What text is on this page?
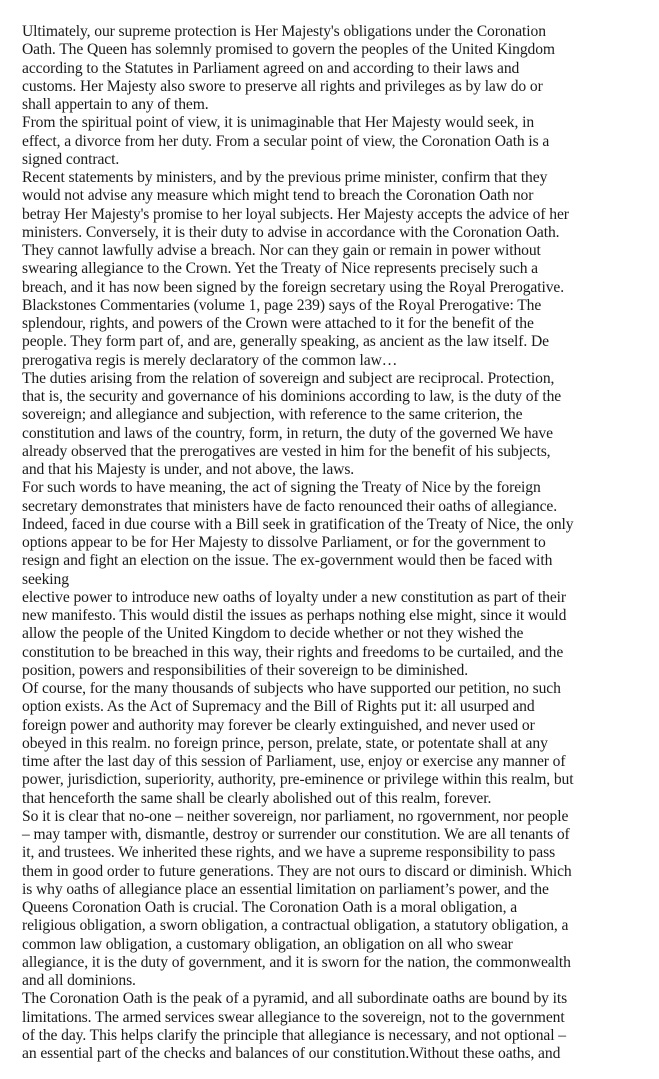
Ultimately, our supreme protection is Her Majesty's obligations under the Coronation
Oath. The Queen has solemnly promised to govern the peoples of the United Kingdom
according to the Statutes in Parliament agreed on and according to their laws and
customs. Her Majesty also swore to preserve all rights and privileges as by law do or
shall appertain to any of them.
From the spiritual point of view, it is unimaginable that Her Majesty would seek, in
effect, a divorce from her duty. From a secular point of view, the Coronation Oath is a
signed contract.
Recent statements by ministers, and by the previous prime minister, confirm that they
would not advise any measure which might tend to breach the Coronation Oath nor
betray Her Majesty's promise to her loyal subjects. Her Majesty accepts the advice of her
ministers. Conversely, it is their duty to advise in accordance with the Coronation Oath.
They cannot lawfully advise a breach. Nor can they gain or remain in power without
swearing allegiance to the Crown. Yet the Treaty of Nice represents precisely such a
breach, and it has now been signed by the foreign secretary using the Royal Prerogative.
Blackstones Commentaries (volume 1, page 239) says of the Royal Prerogative: The
splendour, rights, and powers of the Crown were attached to it for the benefit of the
people. They form part of, and are, generally speaking, as ancient as the law itself. De
prerogativa regis is merely declaratory of the common law…
The duties arising from the relation of sovereign and subject are reciprocal. Protection,
that is, the security and governance of his dominions according to law, is the duty of the
sovereign; and allegiance and subjection, with reference to the same criterion, the
constitution and laws of the country, form, in return, the duty of the governed We have
already observed that the prerogatives are vested in him for the benefit of his subjects,
and that his Majesty is under, and not above, the laws.
For such words to have meaning, the act of signing the Treaty of Nice by the foreign
secretary demonstrates that ministers have de facto renounced their oaths of allegiance.
Indeed, faced in due course with a Bill seek in gratification of the Treaty of Nice, the only
options appear to be for Her Majesty to dissolve Parliament, or for the government to
resign and fight an election on the issue. The ex-government would then be faced with
seeking
elective power to introduce new oaths of loyalty under a new constitution as part of their
new manifesto. This would distil the issues as perhaps nothing else might, since it would
allow the people of the United Kingdom to decide whether or not they wished the
constitution to be breached in this way, their rights and freedoms to be curtailed, and the
position, powers and responsibilities of their sovereign to be diminished.
Of course, for the many thousands of subjects who have supported our petition, no such
option exists. As the Act of Supremacy and the Bill of Rights put it: all usurped and
foreign power and authority may forever be clearly extinguished, and never used or
obeyed in this realm. no foreign prince, person, prelate, state, or potentate shall at any
time after the last day of this session of Parliament, use, enjoy or exercise any manner of
power, jurisdiction, superiority, authority, pre-eminence or privilege within this realm, but
that henceforth the same shall be clearly abolished out of this realm, forever.
So it is clear that no-one – neither sovereign, nor parliament, no rgovernment, nor people
– may tamper with, dismantle, destroy or surrender our constitution. We are all tenants of
it, and trustees. We inherited these rights, and we have a supreme responsibility to pass
them in good order to future generations. They are not ours to discard or diminish. Which
is why oaths of allegiance place an essential limitation on parliament’s power, and the
Queens Coronation Oath is crucial. The Coronation Oath is a moral obligation, a
religious obligation, a sworn obligation, a contractual obligation, a statutory obligation, a
common law obligation, a customary obligation, an obligation on all who swear
allegiance, it is the duty of government, and it is sworn for the nation, the commonwealth
and all dominions.
The Coronation Oath is the peak of a pyramid, and all subordinate oaths are bound by its
limitations. The armed services swear allegiance to the sovereign, not to the government
of the day. This helps clarify the principle that allegiance is necessary, and not optional –
an essential part of the checks and balances of our constitution.Without these oaths, and
